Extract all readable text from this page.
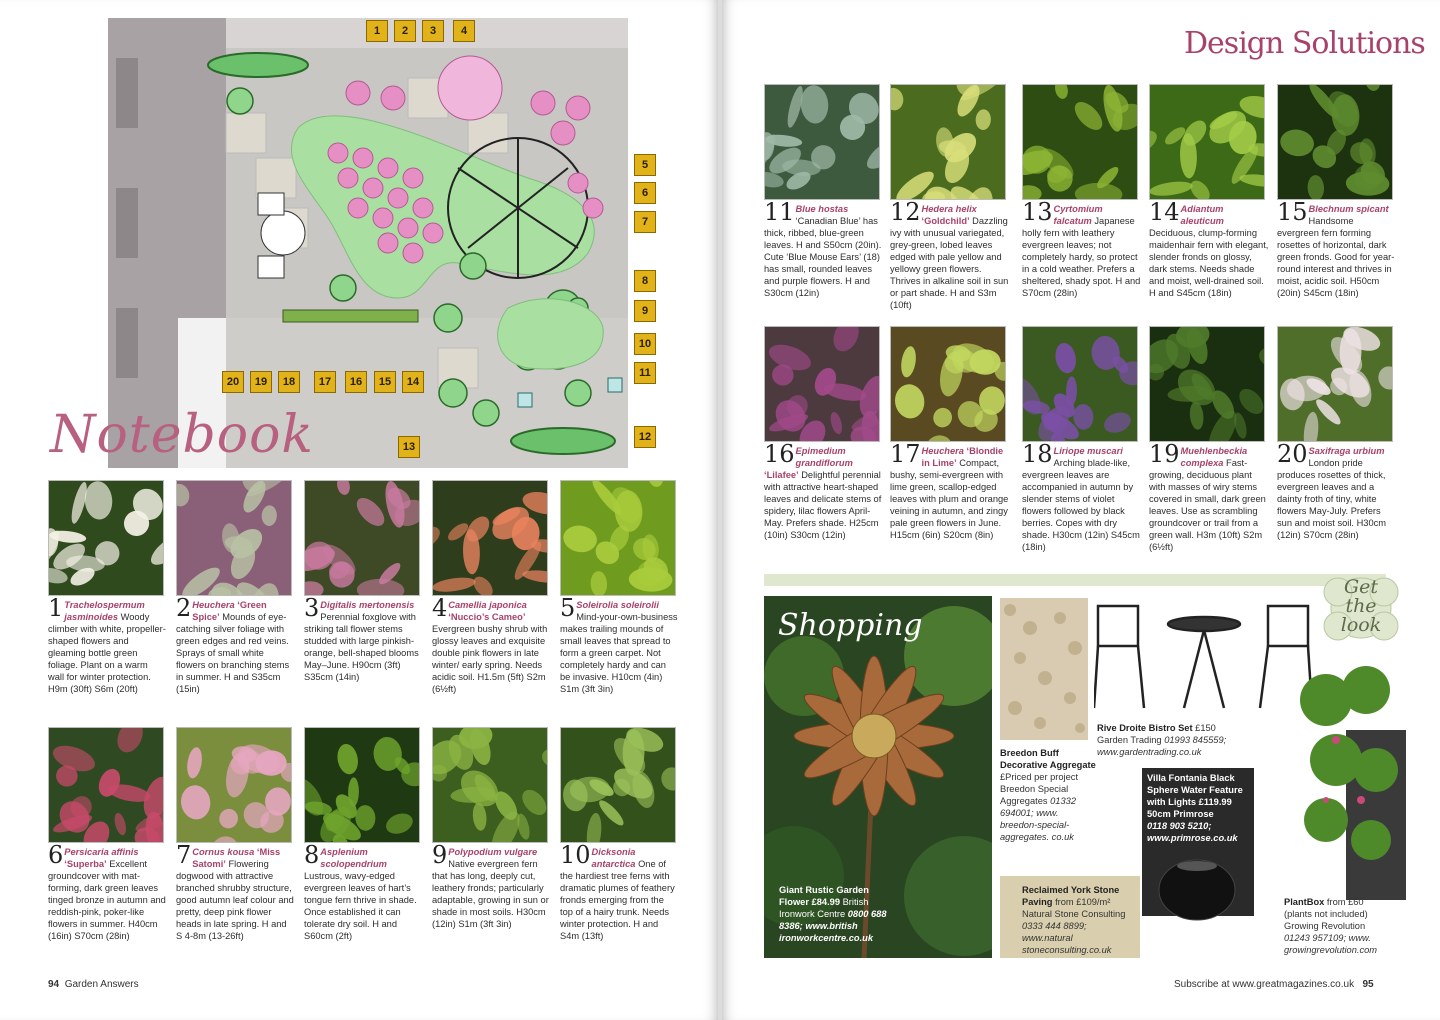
1	2	3	4
5
6
7
8
9
10
11
12
13
14
15
16
17
18
19
20
Notebook
1 Trachelospermum jasminoides Woody climber with white, propeller-shaped flowers and gleaming bottle green foliage. Plant on a warm wall for winter protection. H9m (30ft) S6m (20ft)
2 Heuchera ‘Green Spice’ Mounds of eye-catching silver foliage with green edges and red veins. Sprays of small white flowers on branching stems in summer. H and S35cm (15in)
3 Digitalis mertonensis Perennial foxglove with striking tall flower stems studded with large pinkish-orange, bell-shaped blooms May–June. H90cm (3ft) S35cm (14in)
4 Camellia japonica ‘Nuccio’s Cameo’ Evergreen bushy shrub with glossy leaves and exquisite double pink flowers in late winter/ early spring. Needs acidic soil. H1.5m (5ft) S2m (6½ft)
5 Soleirolia soleirolii Mind-your-own-business makes trailing mounds of small leaves that spread to form a green carpet. Not completely hardy and can be invasive. H10cm (4in) S1m (3ft 3in)
6 Persicaria affinis ‘Superba’ Excellent groundcover with mat-forming, dark green leaves tinged bronze in autumn and reddish-pink, poker-like flowers in summer. H40cm (16in) S70cm (28in)
7 Cornus kousa ‘Miss Satomi’ Flowering dogwood with attractive branched shrubby structure, good autumn leaf colour and pretty, deep pink flower heads in late spring. H and S 4-8m (13-26ft)
8 Asplenium scolopendrium Lustrous, wavy-edged evergreen leaves of hart’s tongue fern thrive in shade. Once established it can tolerate dry soil. H and S60cm (2ft)
9 Polypodium vulgare Native evergreen fern that has long, deeply cut, leathery fronds; particularly adaptable, growing in sun or shade in most soils. H30cm (12in) S1m (3ft 3in)
10 Dicksonia antarctica One of the hardiest tree ferns with dramatic plumes of feathery fronds emerging from the top of a hairy trunk. Needs winter protection. H and S4m (13ft)
94 Garden Answers
Design Solutions
11 Blue hostas ‘Canadian Blue’ has thick, ribbed, blue-green leaves. H and S50cm (20in). Cute ‘Blue Mouse Ears’ (18) has small, rounded leaves and purple flowers. H and S30cm (12in)
12 Hedera helix ‘Goldchild’ Dazzling ivy with unusual variegated, grey-green, lobed leaves edged with pale yellow and yellowy green flowers. Thrives in alkaline soil in sun or part shade. H and S3m (10ft)
13 Cyrtomium falcatum Japanese holly fern with leathery evergreen leaves; not completely hardy, so protect in a cold weather. Prefers a sheltered, shady spot. H and S70cm (28in)
14 Adiantum aleuticum Deciduous, clump-forming maidenhair fern with elegant, slender fronds on glossy, dark stems. Needs shade and moist, well-drained soil. H and S45cm (18in)
15 Blechnum spicant Handsome evergreen fern forming rosettes of horizontal, dark green fronds. Good for year-round interest and thrives in moist, acidic soil. H50cm (20in) S45cm (18in)
16 Epimedium grandiflorum ‘Lilafee’ Delightful perennial with attractive heart-shaped leaves and delicate stems of spidery, lilac flowers April-May. Prefers shade. H25cm (10in) S30cm (12in)
17 Heuchera ‘Blondie in Lime’ Compact, bushy, semi-evergreen with lime green, scallop-edged leaves with plum and orange veining in autumn, and zingy pale green flowers in June. H15cm (6in) S20cm (8in)
18 Liriope muscari Arching blade-like, evergreen leaves are accompanied in autumn by slender stems of violet flowers followed by black berries. Copes with dry shade. H30cm (12in) S45cm (18in)
19 Muehlenbeckia complexa Fast-growing, deciduous plant with masses of wiry stems covered in small, dark green leaves. Use as scrambling groundcover or trail from a green wall. H3m (10ft) S2m (6½ft)
20 Saxifraga urbium London pride produces rosettes of thick, evergreen leaves and a dainty froth of tiny, white flowers May-July. Prefers sun and moist soil. H30cm (12in) S70cm (28in)
Shopping
Giant Rustic Garden Flower £84.99 British Ironwork Centre 0800 688 8386; www.british ironworkcentre.co.uk
Breedon Buff Decorative Aggregate £Priced per project Breedon Special Aggregates 01332 694001; www. breedon-special-aggregates. co.uk
Rive Droite Bistro Set £150
Garden Trading 01993 845559; www.gardentrading.co.uk
Villa Fontania Black Sphere Water Feature with Lights £119.99
50cm Primrose
0118 903 5210; www.primrose.co.uk
Reclaimed York Stone Paving from £109/m² Natural Stone Consulting 0333 444 8899; www.natural stoneconsulting.co.uk
PlantBox from £60 (plants not included) Growing Revolution 01243 957109; www. growingrevolution.com
Get
the
look
Subscribe at www.greatmagazines.co.uk 95
